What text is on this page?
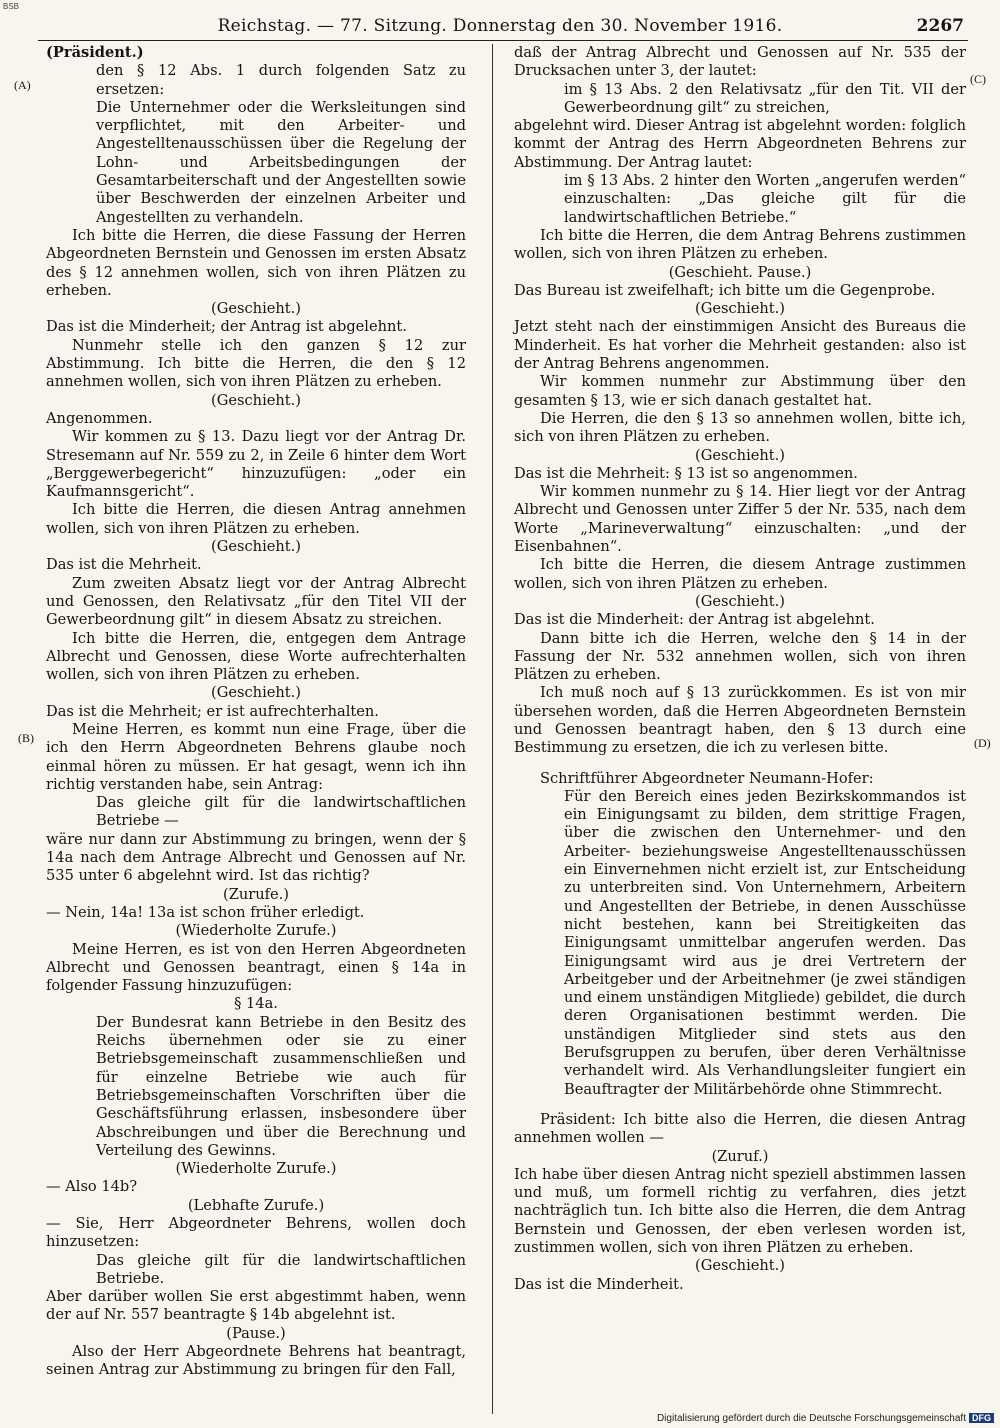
BSB
Reichstag. — 77. Sitzung. Donnerstag den 30. November 1916.	2267
(A)
(B)
(C)
(D)

(Präsident.)

den § 12 Abs. 1 durch folgenden Satz zu ersetzen:

Die Unternehmer oder die Werksleitungen sind verpflichtet, mit den Arbeiter- und Angestelltenausschüssen über die Regelung der Lohn- und Arbeitsbedingungen der Gesamtarbeiterschaft und der Angestellten sowie über Beschwerden der einzelnen Arbeiter und Angestellten zu verhandeln.

Ich bitte die Herren, die diese Fassung der Herren Abgeordneten Bernstein und Genossen im ersten Absatz des § 12 annehmen wollen, sich von ihren Plätzen zu erheben.

(Geschieht.)

Das ist die Minderheit; der Antrag ist abgelehnt.

Nunmehr stelle ich den ganzen § 12 zur Abstimmung. Ich bitte die Herren, die den § 12 annehmen wollen, sich von ihren Plätzen zu erheben.

(Geschieht.)

Angenommen.

Wir kommen zu § 13. Dazu liegt vor der Antrag Dr. Stresemann auf Nr. 559 zu 2, in Zeile 6 hinter dem Wort „Berggewerbegericht“ hinzuzufügen: „oder ein Kaufmannsgericht“.

Ich bitte die Herren, die diesen Antrag annehmen wollen, sich von ihren Plätzen zu erheben.

(Geschieht.)

Das ist die Mehrheit.

Zum zweiten Absatz liegt vor der Antrag Albrecht und Genossen, den Relativsatz „für den Titel VII der Gewerbeordnung gilt“ in diesem Absatz zu streichen.

Ich bitte die Herren, die, entgegen dem Antrage Albrecht und Genossen, diese Worte aufrechterhalten wollen, sich von ihren Plätzen zu erheben.

(Geschieht.)

Das ist die Mehrheit; er ist aufrechterhalten.

Meine Herren, es kommt nun eine Frage, über die ich den Herrn Abgeordneten Behrens glaube noch einmal hören zu müssen. Er hat gesagt, wenn ich ihn richtig verstanden habe, sein Antrag:

Das gleiche gilt für die landwirtschaftlichen Betriebe —

wäre nur dann zur Abstimmung zu bringen, wenn der § 14a nach dem Antrage Albrecht und Genossen auf Nr. 535 unter 6 abgelehnt wird. Ist das richtig?

(Zurufe.)

— Nein, 14a! 13a ist schon früher erledigt.

(Wiederholte Zurufe.)

Meine Herren, es ist von den Herren Abgeordneten Albrecht und Genossen beantragt, einen § 14a in folgender Fassung hinzuzufügen:

§ 14a.

Der Bundesrat kann Betriebe in den Besitz des Reichs übernehmen oder sie zu einer Betriebsgemeinschaft zusammenschließen und für einzelne Betriebe wie auch für Betriebsgemeinschaften Vorschriften über die Geschäftsführung erlassen, insbesondere über Abschreibungen und über die Berechnung und Verteilung des Gewinns.

(Wiederholte Zurufe.)

— Also 14b?

(Lebhafte Zurufe.)

— Sie, Herr Abgeordneter Behrens, wollen doch hinzusetzen:

Das gleiche gilt für die landwirtschaftlichen Betriebe.

Aber darüber wollen Sie erst abgestimmt haben, wenn der auf Nr. 557 beantragte § 14b abgelehnt ist.

(Pause.)

Also der Herr Abgeordnete Behrens hat beantragt, seinen Antrag zur Abstimmung zu bringen für den Fall,

daß der Antrag Albrecht und Genossen auf Nr. 535 der Drucksachen unter 3, der lautet:

im § 13 Abs. 2 den Relativsatz „für den Tit. VII der Gewerbeordnung gilt“ zu streichen,

abgelehnt wird. Dieser Antrag ist abgelehnt worden: folglich kommt der Antrag des Herrn Abgeordneten Behrens zur Abstimmung. Der Antrag lautet:

im § 13 Abs. 2 hinter den Worten „angerufen werden“ einzuschalten: „Das gleiche gilt für die landwirtschaftlichen Betriebe.“

Ich bitte die Herren, die dem Antrag Behrens zustimmen wollen, sich von ihren Plätzen zu erheben.

(Geschieht. Pause.)

Das Bureau ist zweifelhaft; ich bitte um die Gegenprobe.

(Geschieht.)

Jetzt steht nach der einstimmigen Ansicht des Bureaus die Minderheit. Es hat vorher die Mehrheit gestanden: also ist der Antrag Behrens angenommen.

Wir kommen nunmehr zur Abstimmung über den gesamten § 13, wie er sich danach gestaltet hat.

Die Herren, die den § 13 so annehmen wollen, bitte ich, sich von ihren Plätzen zu erheben.

(Geschieht.)

Das ist die Mehrheit: § 13 ist so angenommen.

Wir kommen nunmehr zu § 14. Hier liegt vor der Antrag Albrecht und Genossen unter Ziffer 5 der Nr. 535, nach dem Worte „Marineverwaltung“ einzuschalten: „und der Eisenbahnen“.

Ich bitte die Herren, die diesem Antrage zustimmen wollen, sich von ihren Plätzen zu erheben.

(Geschieht.)

Das ist die Minderheit: der Antrag ist abgelehnt.

Dann bitte ich die Herren, welche den § 14 in der Fassung der Nr. 532 annehmen wollen, sich von ihren Plätzen zu erheben.

Ich muß noch auf § 13 zurückkommen. Es ist von mir übersehen worden, daß die Herren Abgeordneten Bernstein und Genossen beantragt haben, den § 13 durch eine Bestimmung zu ersetzen, die ich zu verlesen bitte.

Schriftführer Abgeordneter Neumann-Hofer:

Für den Bereich eines jeden Bezirkskommandos ist ein Einigungsamt zu bilden, dem strittige Fragen, über die zwischen den Unternehmer- und den Arbeiter- beziehungsweise Angestelltenausschüssen ein Einvernehmen nicht erzielt ist, zur Entscheidung zu unterbreiten sind. Von Unternehmern, Arbeitern und Angestellten der Betriebe, in denen Ausschüsse nicht bestehen, kann bei Streitigkeiten das Einigungsamt unmittelbar angerufen werden. Das Einigungsamt wird aus je drei Vertretern der Arbeitgeber und der Arbeitnehmer (je zwei ständigen und einem unständigen Mitgliede) gebildet, die durch deren Organisationen bestimmt werden. Die unständigen Mitglieder sind stets aus den Berufsgruppen zu berufen, über deren Verhältnisse verhandelt wird. Als Verhandlungsleiter fungiert ein Beauftragter der Militärbehörde ohne Stimmrecht.

Präsident: Ich bitte also die Herren, die diesen Antrag annehmen wollen —

(Zuruf.)

Ich habe über diesen Antrag nicht speziell abstimmen lassen und muß, um formell richtig zu verfahren, dies jetzt nachträglich tun. Ich bitte also die Herren, die dem Antrag Bernstein und Genossen, der eben verlesen worden ist, zustimmen wollen, sich von ihren Plätzen zu erheben.

(Geschieht.)

Das ist die Minderheit.

Digitalisierung gefördert durch die Deutsche Forschungsgemeinschaft DFG
